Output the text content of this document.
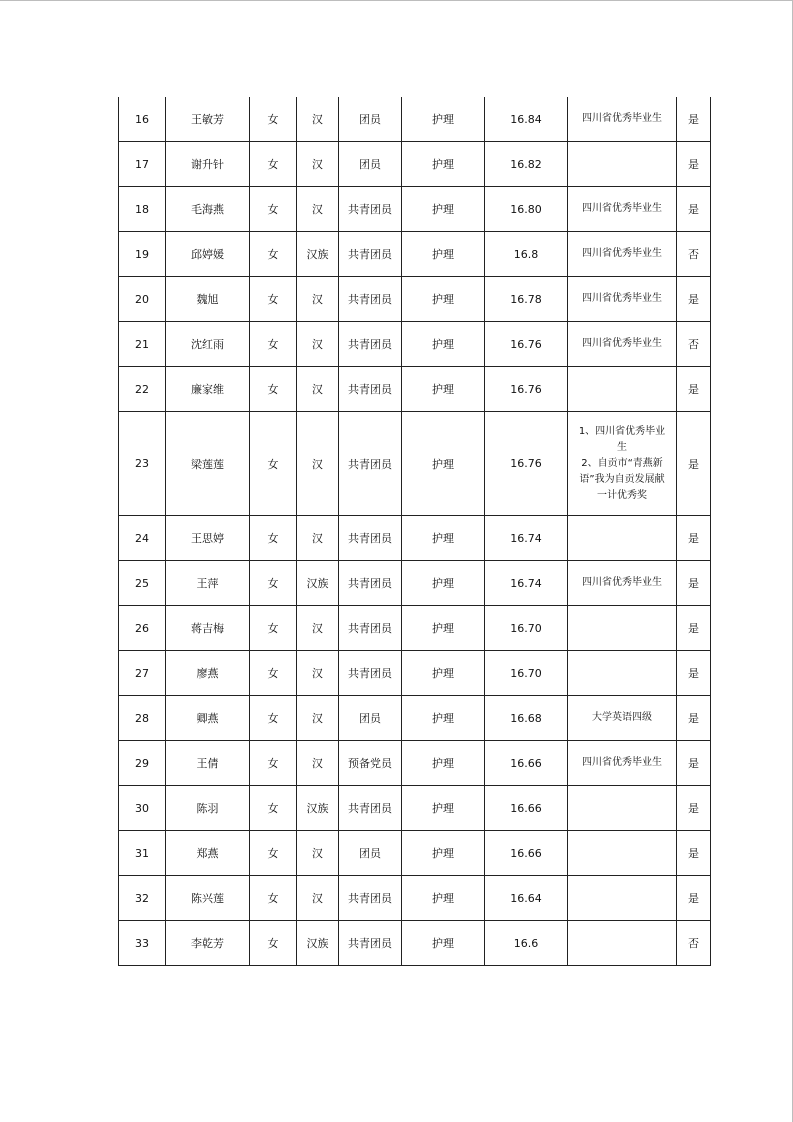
16	王敏芳	女	汉	团员	护理	16.84	四川省优秀毕业生	是
17	谢升针	女	汉	团员	护理	16.82		是
18	毛海燕	女	汉	共青团员	护理	16.80	四川省优秀毕业生	是
19	邱婷媛	女	汉族	共青团员	护理	16.8	四川省优秀毕业生	否
20	魏旭	女	汉	共青团员	护理	16.78	四川省优秀毕业生	是
21	沈红雨	女	汉	共青团员	护理	16.76	四川省优秀毕业生	否
22	廉家维	女	汉	共青团员	护理	16.76		是
23	梁莲莲	女	汉	共青团员	护理	16.76	1、四川省优秀毕业
生
2、自贡市“青燕新
语”我为自贡发展献
一计优秀奖	是
24	王思婷	女	汉	共青团员	护理	16.74		是
25	王萍	女	汉族	共青团员	护理	16.74	四川省优秀毕业生	是
26	蒋吉梅	女	汉	共青团员	护理	16.70		是
27	廖燕	女	汉	共青团员	护理	16.70		是
28	卿燕	女	汉	团员	护理	16.68	大学英语四级	是
29	王倩	女	汉	预备党员	护理	16.66	四川省优秀毕业生	是
30	陈羽	女	汉族	共青团员	护理	16.66		是
31	郑燕	女	汉	团员	护理	16.66		是
32	陈兴莲	女	汉	共青团员	护理	16.64		是
33	李乾芳	女	汉族	共青团员	护理	16.6		否
